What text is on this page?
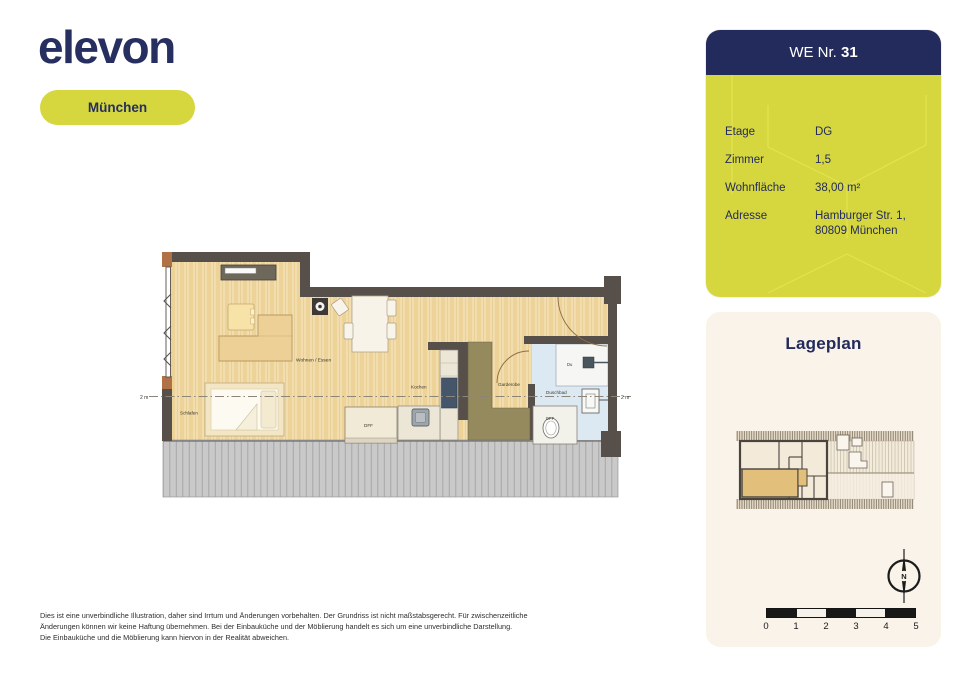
elevon
München
WE Nr. 31
Etage	DG
Zimmer	1,5
Wohnfläche	38,00 m²
Adresse	Hamburger Str. 1,
80809 München
Lageplan
N
0	1	2	3	4	5
Wohnen / Essen
Kochen	Garderobe
Duschbad
Schlafen
DFF
DFF
Du
2 m	2 m
Dies ist eine unverbindliche Illustration, daher sind Irrtum und Änderungen vorbehalten. Der Grundriss ist nicht maßstabsgerecht. Für zwischenzeitliche
Änderungen können wir keine Haftung übernehmen. Bei der Einbauküche und der Möblierung handelt es sich um eine unverbindliche Darstellung.
Die Einbauküche und die Möblierung kann hiervon in der Realität abweichen.
